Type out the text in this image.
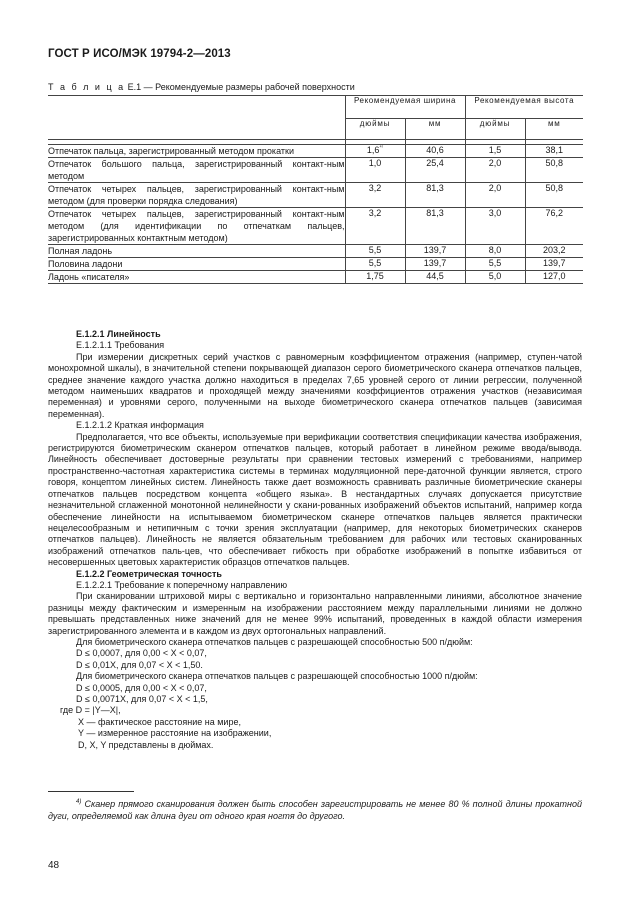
ГОСТ Р ИСО/МЭК 19794-2—2013
Т а б л и ц а Е.1 — Рекомендуемые размеры рабочей поверхности
	Рекомендуемая ширина		Рекомендуемая высота	
	дюймы	мм	дюймы	мм

Отпечаток пальца, зарегистрированный методом прокатки	1,6$^{^{4)}}$	40,6	1,5	38,1
Отпечаток большого пальца, зарегистрированный контакт-ным методом	1,0	25,4	2,0	50,8
Отпечаток четырех пальцев, зарегистрированный контакт-ным методом (для проверки порядка следования)	3,2	81,3	2,0	50,8
Отпечаток четырех пальцев, зарегистрированный контакт-ным методом (для идентификации по отпечаткам пальцев, зарегистрированных контактным методом)	3,2	81,3	3,0	76,2
Полная ладонь	5,5	139,7	8,0	203,2
Половина ладони	5,5	139,7	5,5	139,7
Ладонь «писателя»	1,75	44,5	5,0	127,0

Е.1.2.1 Линейность

Е.1.2.1.1 Требования

При измерении дискретных серий участков с равномерным коэффициентом отражения (например, ступен-чатой монохромной шкалы), в значительной степени покрывающей диапазон серого биометрического сканера отпечатков пальцев, среднее значение каждого участка должно находиться в пределах 7,65 уровней серого от линии регрессии, полученной методом наименьших квадратов и проходящей между значениями коэффициентов отражения участков (независимая переменная) и уровнями серого, полученными на выходе биометрического сканера отпечатков пальцев (зависимая переменная).

Е.1.2.1.2 Краткая информация

Предполагается, что все объекты, используемые при верификации соответствия спецификации качества изображения, регистрируются биометрическим сканером отпечатков пальцев, который работает в линейном режиме ввода/вывода. Линейность обеспечивает достоверные результаты при сравнении тестовых измерений с требованиями, например пространственно-частотная характеристика системы в терминах модуляционной пере-даточной функции является, строго говоря, концептом линейных систем. Линейность также дает возможность сравнивать различные биометрические сканеры отпечатков пальцев посредством концепта «общего языка». В нестандартных случаях допускается присутствие незначительной сглаженной монотонной нелинейности у скани-рованных изображений объектов испытаний, например когда обеспечение линейности на испытываемом биометрическом сканере отпечатков пальцев является практически нецелесообразным и нетипичным с точки зрения эксплуатации (например, для некоторых биометрических сканеров отпечатков пальцев). Линейность не является обязательным требованием для рабочих или тестовых сканированных изображений отпечатков паль-цев, что обеспечивает гибкость при обработке изображений в попытке избавиться от несовершенных цветовых характеристик образцов отпечатков пальцев.

Е.1.2.2 Геометрическая точность

Е.1.2.2.1 Требование к поперечному направлению

При сканировании штриховой миры с вертикально и горизонтально направленными линиями, абсолютное значение разницы между фактическим и измеренным на изображении расстоянием между параллельными линиями не должно превышать представленных ниже значений для не менее 99% испытаний, проведенных в каждой области измерения зарегистрированного элемента и в каждом из двух ортогональных направлений.

Для биометрического сканера отпечатков пальцев с разрешающей способностью 500 п/дюйм:

D ≤ 0,0007, для 0,00 < X < 0,07,

D ≤ 0,01X, для 0,07 < X < 1,50.

Для биометрического сканера отпечатков пальцев с разрешающей способностью 1000 п/дюйм:

D ≤ 0,0005, для 0,00 < X < 0,07,

D ≤ 0,0071X, для 0,07 < X < 1,5,

где D = |Y—X|,

X — фактическое расстояние на мире,

Y — измеренное расстояние на изображении,

D, X, Y представлены в дюймах.

$^{4)}$ Сканер прямого сканирования должен быть способен зарегистрировать не менее 80 % полной длины прокатной дуги, определяемой как длина дуги от одного края ногтя до другого.
48
